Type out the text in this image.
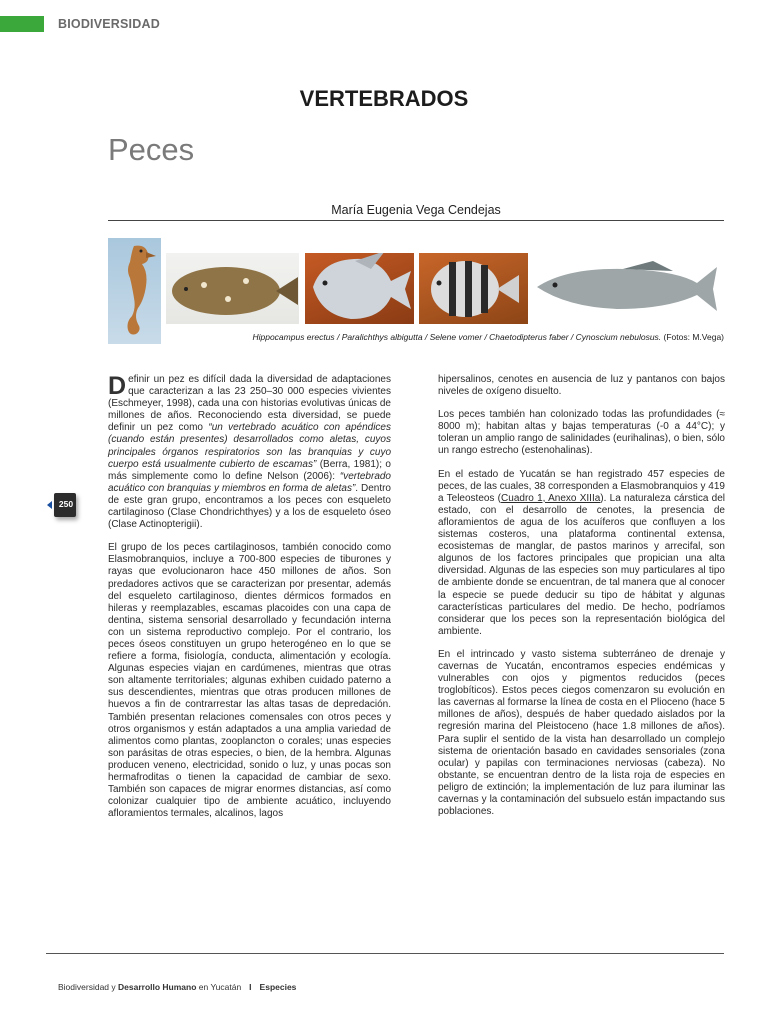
BIODIVERSIDAD
VERTEBRADOS
Peces
María Eugenia Vega Cendejas
Hippocampus erectus / Paralichthys albigutta / Selene vomer / Chaetodipterus faber / Cynoscium nebulosus. (Fotos: M.Vega)
250

Definir un pez es difícil dada la diversidad de adaptaciones que caracterizan a las 23 250–30 000 especies vivientes (Eschmeyer, 1998), cada una con historias evolutivas únicas de millones de años. Reconociendo esta diversidad, se puede definir un pez como “un vertebrado acuático con apéndices (cuando están presentes) desarrollados como aletas, cuyos principales órganos respiratorios son las branquias y cuyo cuerpo está usualmente cubierto de escamas” (Berra, 1981); o más simplemente como lo define Nelson (2006): “vertebrado acuático con branquias y miembros en forma de aletas”. Dentro de este gran grupo, encontramos a los peces con esqueleto cartilaginoso (Clase Chondrichthyes) y a los de esqueleto óseo (Clase Actinopterigii).

El grupo de los peces cartilaginosos, también conocido como Elasmobranquios, incluye a 700-800 especies de tiburones y rayas que evolucionaron hace 450 millones de años. Son predadores activos que se caracterizan por presentar, además del esqueleto cartilaginoso, dientes dérmicos formados en hileras y reemplazables, escamas placoides con una capa de dentina, sistema sensorial desarrollado y fecundación interna con un sistema reproductivo complejo. Por el contrario, los peces óseos constituyen un grupo heterogéneo en lo que se refiere a forma, fisiología, conducta, alimentación y ecología. Algunas especies viajan en cardúmenes, mientras que otras son altamente territoriales; algunas exhiben cuidado paterno a sus descendientes, mientras que otras producen millones de huevos a fin de contrarrestar las altas tasas de depredación. También presentan relaciones comensales con otros peces y otros organismos y están adaptados a una amplia variedad de alimentos como plantas, zooplancton o corales; unas especies son parásitas de otras especies, o bien, de la hembra. Algunas producen veneno, electricidad, sonido o luz, y unas pocas son hermafroditas o tienen la capacidad de cambiar de sexo. También son capaces de migrar enormes distancias, así como colonizar cualquier tipo de ambiente acuático, incluyendo afloramientos termales, alcalinos, lagos

hipersalinos, cenotes en ausencia de luz y pantanos con bajos niveles de oxígeno disuelto.

Los peces también han colonizado todas las profundidades (≈ 8000 m); habitan altas y bajas temperaturas (-0 a 44°C); y toleran un amplio rango de salinidades (eurihalinas), o bien, sólo un rango estrecho (estenohalinas).

En el estado de Yucatán se han registrado 457 especies de peces, de las cuales, 38 corresponden a Elasmobranquios y 419 a Teleosteos (Cuadro 1, Anexo XIIIa). La naturaleza cárstica del estado, con el desarrollo de cenotes, la presencia de afloramientos de agua de los acuíferos que confluyen a los sistemas costeros, una plataforma continental extensa, ecosistemas de manglar, de pastos marinos y arrecifal, son algunos de los factores principales que propician una alta diversidad. Algunas de las especies son muy particulares al tipo de ambiente donde se encuentran, de tal manera que al conocer la especie se puede deducir su tipo de hábitat y algunas características particulares del medio. De hecho, podríamos considerar que los peces son la representación biológica del ambiente.

En el intrincado y vasto sistema subterráneo de drenaje y cavernas de Yucatán, encontramos especies endémicas y vulnerables con ojos y pigmentos reducidos (peces troglobíticos). Estos peces ciegos comenzaron su evolución en las cavernas al formarse la línea de costa en el Plioceno (hace 5 millones de años), después de haber quedado aislados por la regresión marina del Pleistoceno (hace 1.8 millones de años). Para suplir el sentido de la vista han desarrollado un complejo sistema de orientación basado en cavidades sensoriales (zona ocular) y papilas con terminaciones nerviosas (cabeza). No obstante, se encuentran dentro de la lista roja de especies en peligro de extinción; la implementación de luz para iluminar las cavernas y la contaminación del subsuelo están impactando sus poblaciones.

Biodiversidad y Desarrollo Humano en Yucatán I Especies
